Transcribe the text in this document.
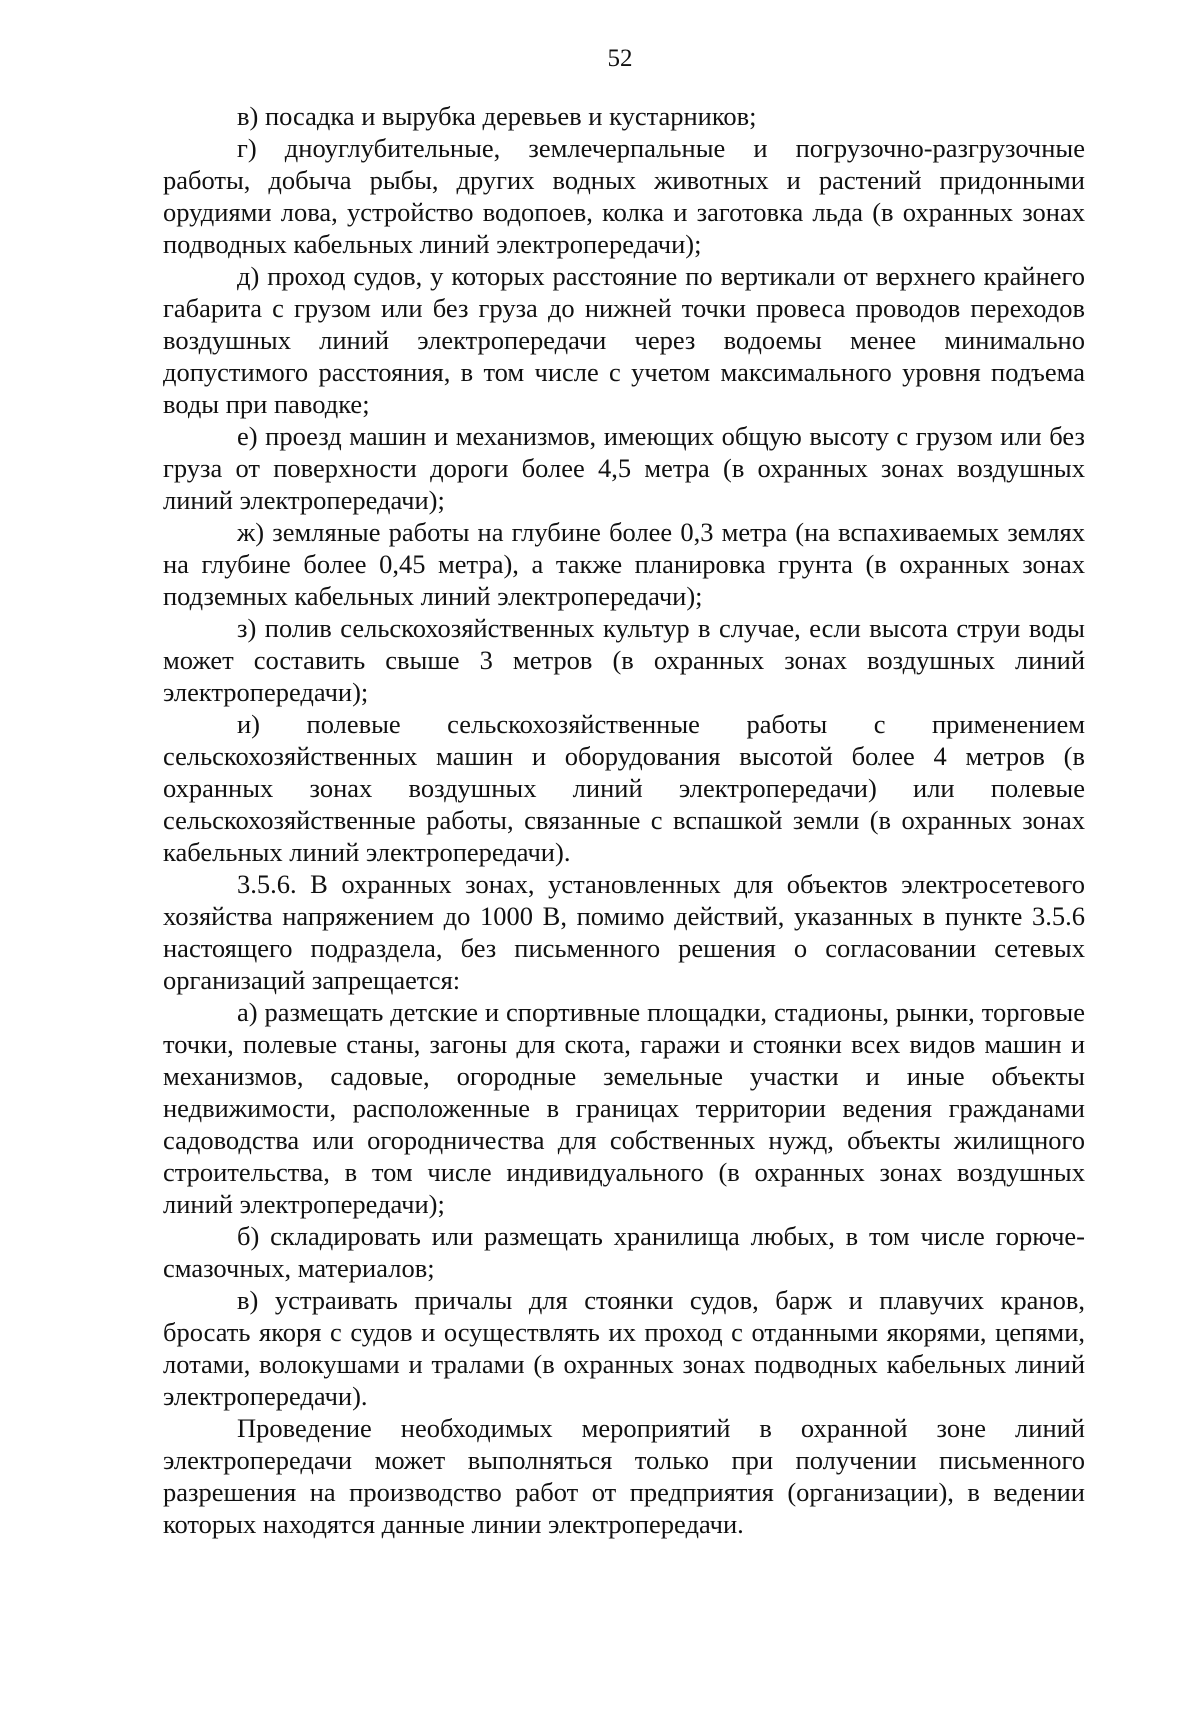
52

в) посадка и вырубка деревьев и кустарников;

г) дноуглубительные, землечерпальные и погрузочно-разгрузочные работы, добыча рыбы, других водных животных и растений придонными орудиями лова, устройство водопоев, колка и заготовка льда (в охранных зонах подводных кабельных линий электропередачи);

д) проход судов, у которых расстояние по вертикали от верхнего крайнего габарита с грузом или без груза до нижней точки провеса проводов переходов воздушных линий электропередачи через водоемы менее минимально допустимого расстояния, в том числе с учетом максимального уровня подъема воды при паводке;

е) проезд машин и механизмов, имеющих общую высоту с грузом или без груза от поверхности дороги более 4,5 метра (в охранных зонах воздушных линий электропередачи);

ж) земляные работы на глубине более 0,3 метра (на вспахиваемых землях на глубине более 0,45 метра), а также планировка грунта (в охранных зонах подземных кабельных линий электропередачи);

з) полив сельскохозяйственных культур в случае, если высота струи воды может составить свыше 3 метров (в охранных зонах воздушных линий электропередачи);

и) полевые сельскохозяйственные работы с применением сельскохозяйственных машин и оборудования высотой более 4 метров (в охранных зонах воздушных линий электропередачи) или полевые сельскохозяйственные работы, связанные с вспашкой земли (в охранных зонах кабельных линий электропередачи).

3.5.6. В охранных зонах, установленных для объектов электросетевого хозяйства напряжением до 1000 В, помимо действий, указанных в пункте 3.5.6 настоящего подраздела, без письменного решения о согласовании сетевых организаций запрещается:

а) размещать детские и спортивные площадки, стадионы, рынки, торговые точки, полевые станы, загоны для скота, гаражи и стоянки всех видов машин и механизмов, садовые, огородные земельные участки и иные объекты недвижимости, расположенные в границах территории ведения гражданами садоводства или огородничества для собственных нужд, объекты жилищного строительства, в том числе индивидуального (в охранных зонах воздушных линий электропередачи);

б) складировать или размещать хранилища любых, в том числе горюче-смазочных, материалов;

в) устраивать причалы для стоянки судов, барж и плавучих кранов, бросать якоря с судов и осуществлять их проход с отданными якорями, цепями, лотами, волокушами и тралами (в охранных зонах подводных кабельных линий электропередачи).

Проведение необходимых мероприятий в охранной зоне линий электропередачи может выполняться только при получении письменного разрешения на производство работ от предприятия (организации), в ведении которых находятся данные линии электропередачи.
